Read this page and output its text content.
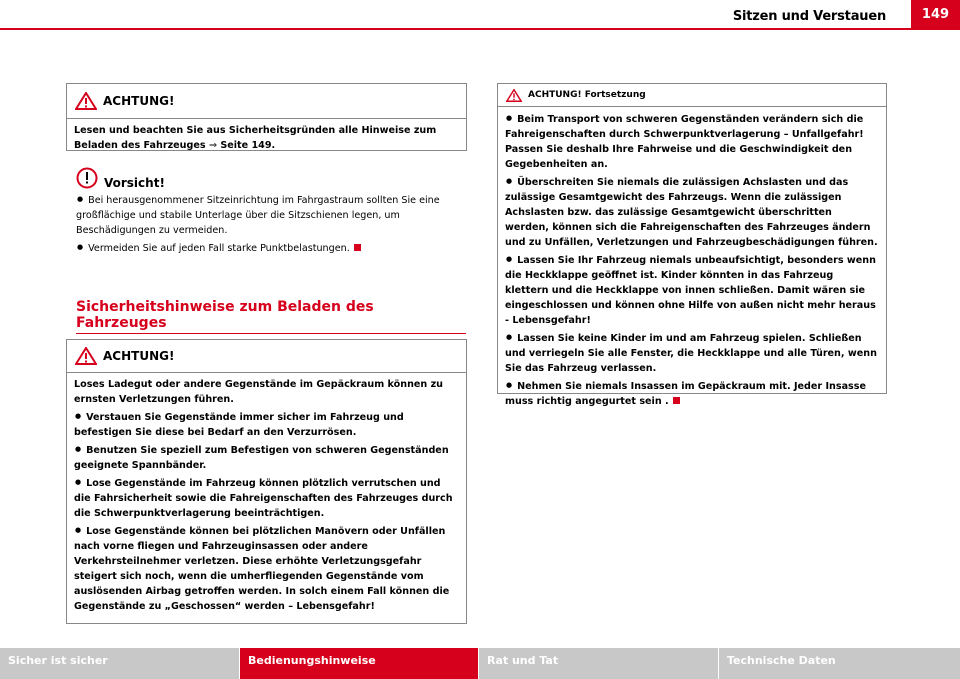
Sitzen und Verstauen	149
ACHTUNG!

Lesen und beachten Sie aus Sicherheitsgründen alle Hinweise zum
Beladen des Fahrzeuges ⇒ Seite 149.

Vorsicht!

● Bei herausgenommener Sitzeinrichtung im Fahrgastraum sollten Sie eine großflächige und stabile Unterlage über die Sitzschienen legen, um Beschädigungen zu vermeiden.

● Vermeiden Sie auf jeden Fall starke Punktbelastungen.

Sicherheitshinweise zum Beladen des Fahrzeuges
ACHTUNG!

Loses Ladegut oder andere Gegenstände im Gepäckraum können zu ernsten Verletzungen führen.

● Verstauen Sie Gegenstände immer sicher im Fahrzeug und befestigen Sie diese bei Bedarf an den Verzurrösen.

● Benutzen Sie speziell zum Befestigen von schweren Gegenständen geeignete Spannbänder.

● Lose Gegenstände im Fahrzeug können plötzlich verrutschen und die Fahrsicherheit sowie die Fahreigenschaften des Fahrzeuges durch die Schwerpunktverlagerung beeinträchtigen.

● Lose Gegenstände können bei plötzlichen Manövern oder Unfällen nach vorne fliegen und Fahrzeuginsassen oder andere Verkehrsteilnehmer verletzen. Diese erhöhte Verletzungsgefahr steigert sich noch, wenn die umherfliegenden Gegenstände vom auslösenden Airbag getroffen werden. In solch einem Fall können die Gegenstände zu „Geschossen“ werden – Lebensgefahr!

ACHTUNG! Fortsetzung

● Beim Transport von schweren Gegenständen verändern sich die Fahreigenschaften durch Schwerpunktverlagerung – Unfallgefahr! Passen Sie deshalb Ihre Fahrweise und die Geschwindigkeit den Gegebenheiten an.

● Überschreiten Sie niemals die zulässigen Achslasten und das zulässige Gesamtgewicht des Fahrzeugs. Wenn die zulässigen Achslasten bzw. das zulässige Gesamtgewicht überschritten werden, können sich die Fahreigenschaften des Fahrzeuges ändern und zu Unfällen, Verletzungen und Fahrzeugbeschädigungen führen.

● Lassen Sie Ihr Fahrzeug niemals unbeaufsichtigt, besonders wenn die Heckklappe geöffnet ist. Kinder könnten in das Fahrzeug klettern und die Heckklappe von innen schließen. Damit wären sie eingeschlossen und können ohne Hilfe von außen nicht mehr heraus - Lebensgefahr!

● Lassen Sie keine Kinder im und am Fahrzeug spielen. Schließen und verriegeln Sie alle Fenster, die Heckklappe und alle Türen, wenn Sie das Fahrzeug verlassen.

● Nehmen Sie niemals Insassen im Gepäckraum mit. Jeder Insasse muss richtig angegurtet sein .

Sicher ist sicher	Bedienungshinweise	Rat und Tat	Technische Daten
